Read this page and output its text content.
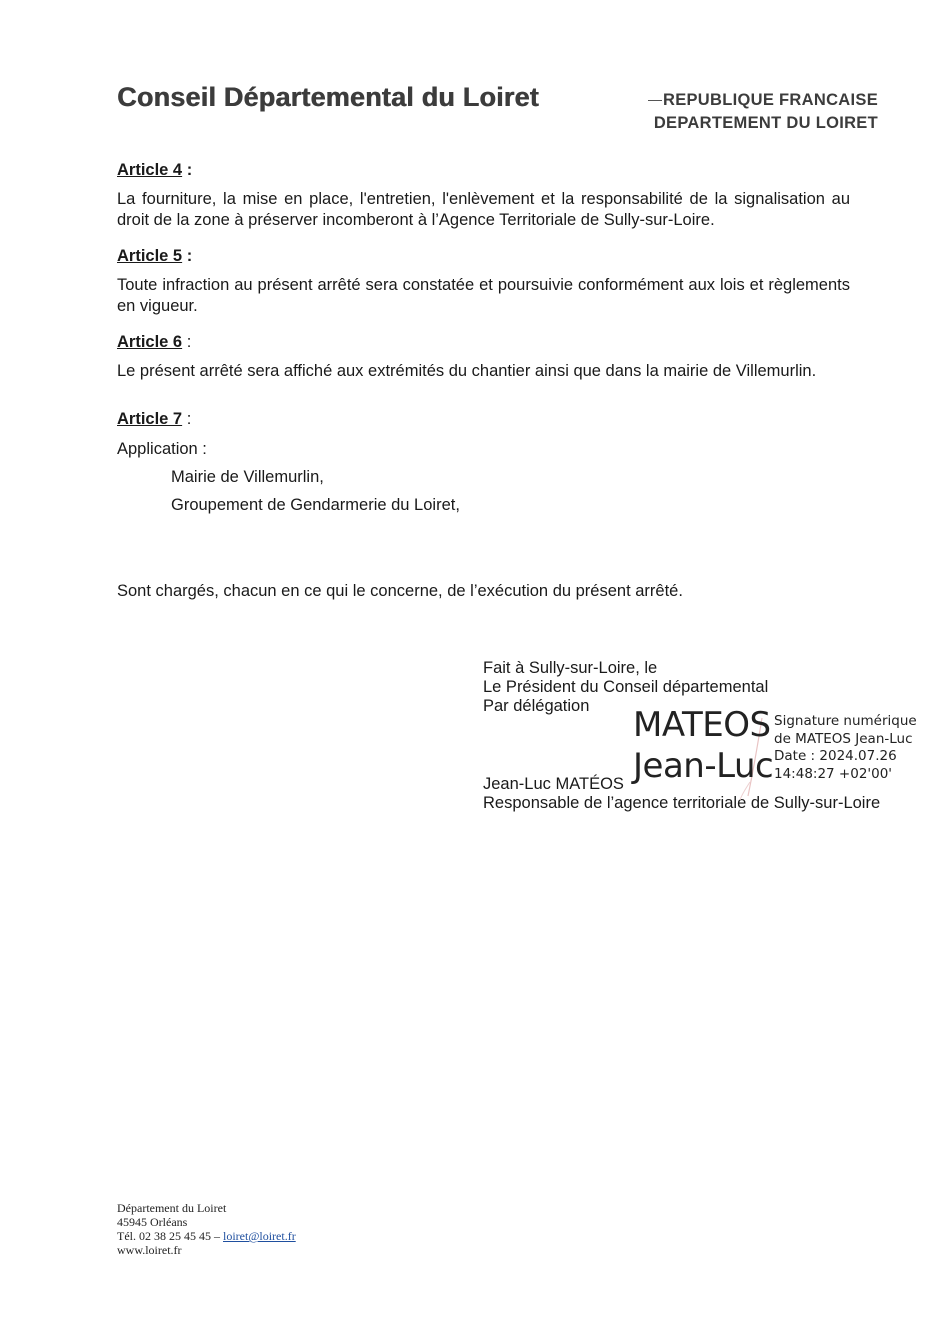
Conseil Départemental du Loiret	REPUBLIQUE FRANCAISE
DEPARTEMENT DU LOIRET
Article 4 :
La fourniture, la mise en place, l'entretien, l'enlèvement et la responsabilité de la signalisation au droit de la zone à préserver incomberont à l’Agence Territoriale de Sully-sur-Loire.
Article 5 :
Toute infraction au présent arrêté sera constatée et poursuivie conformément aux lois et règlements en vigueur.
Article 6 :
Le présent arrêté sera affiché aux extrémités du chantier ainsi que dans la mairie de Villemurlin.
Article 7 :
Application :
Mairie de Villemurlin,
Groupement de Gendarmerie du Loiret,
Sont chargés, chacun en ce qui le concerne, de l’exécution du présent arrêté.
Fait à Sully-sur-Loire, le
Le Président du Conseil départemental
Par délégation
Jean-Luc MATÉOS
Responsable de l’agence territoriale de Sully-sur-Loire
MATEOS
Jean-Luc
Signature numérique
de MATEOS Jean-Luc
Date : 2024.07.26
14:48:27 +02'00'
Département du Loiret
45945 Orléans
Tél. 02 38 25 45 45 – loiret@loiret.fr
www.loiret.fr
